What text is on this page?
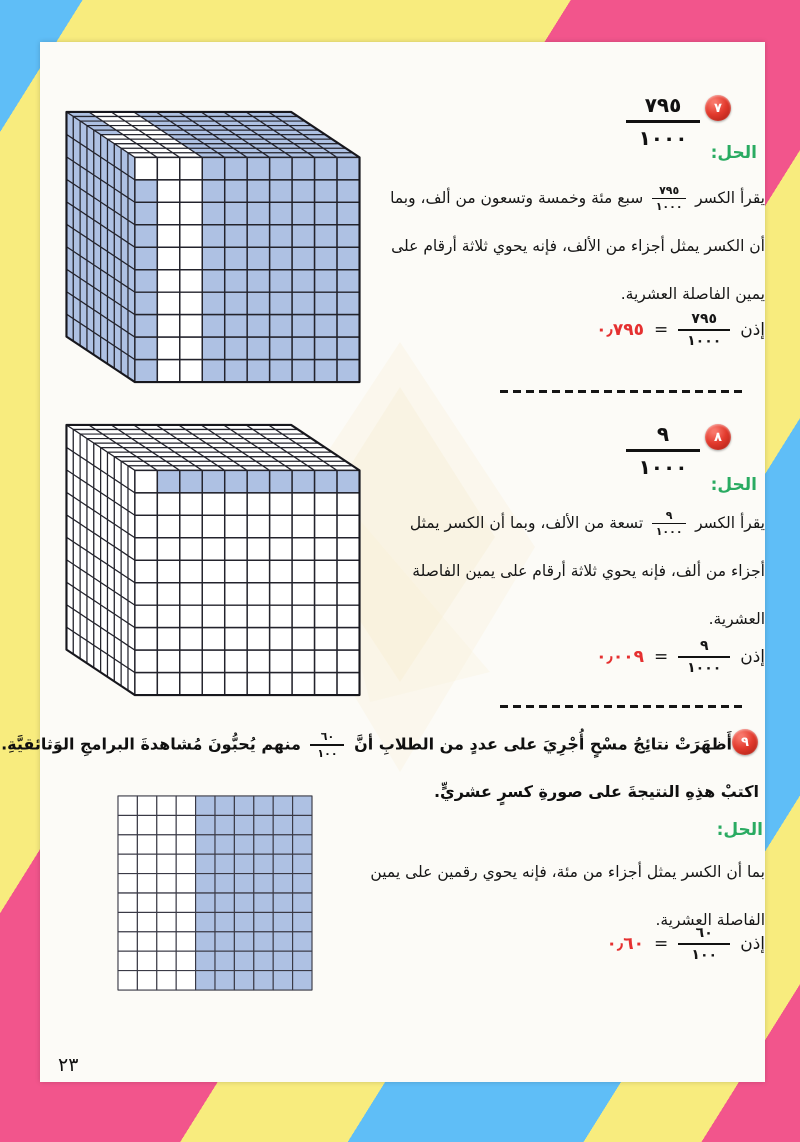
٧
٧٩٥
١٠٠٠
الحل:
يقرأ الكسر
٧٩٥
١٠٠٠
سبع مئة وخمسة وتسعون من ألف، وبما
أن الكسر يمثل أجزاء من الألف، فإنه يحوي ثلاثة أرقام على
يمين الفاصلة العشرية.
إذن
٧٩٥
١٠٠٠
=
٠٫٧٩٥
٨
٩
١٠٠٠
الحل:
يقرأ الكسر
٩
١٠٠٠
تسعة من الألف، وبما أن الكسر يمثل
أجزاء من ألف، فإنه يحوي ثلاثة أرقام على يمين الفاصلة
العشرية.
إذن
٩
١٠٠٠
=
٠٫٠٠٩
٩
أَظهَرَتْ نتائِجُ مسْحٍ أُجْرِيَ على عددٍ من الطلابِ أنَّ
٦٠
١٠٠
منهم يُحبُّونَ مُشاهدةَ البرامجِ الوَثائقيَّةِ.
اكتبْ هذِهِ النتيجةَ على صورةِ كسرٍ عشريٍّ.
الحل:
بما أن الكسر يمثل أجزاء من مئة، فإنه يحوي رقمين على يمين
الفاصلة العشرية.
إذن
٦٠
١٠٠
=
٠٫٦٠
٢٣
